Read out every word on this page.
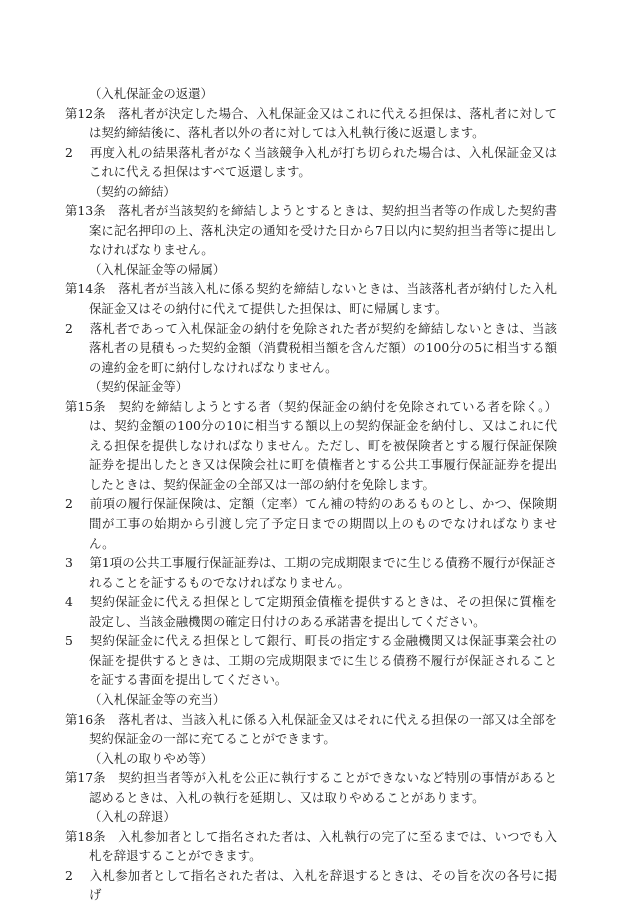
（入札保証金の返還）
第12条　落札者が決定した場合、入札保証金又はこれに代える担保は、落札者に対しては契約締結後に、落札者以外の者に対しては入札執行後に返還します。
2　再度入札の結果落札者がなく当該競争入札が打ち切られた場合は、入札保証金又はこれに代える担保はすべて返還します。
（契約の締結）
第13条　落札者が当該契約を締結しようとするときは、契約担当者等の作成した契約書案に記名押印の上、落札決定の通知を受けた日から7日以内に契約担当者等に提出しなければなりません。
（入札保証金等の帰属）
第14条　落札者が当該入札に係る契約を締結しないときは、当該落札者が納付した入札保証金又はその納付に代えて提供した担保は、町に帰属します。
2　落札者であって入札保証金の納付を免除された者が契約を締結しないときは、当該落札者の見積もった契約金額（消費税相当額を含んだ額）の100分の5に相当する額の違約金を町に納付しなければなりません。
（契約保証金等）
第15条　契約を締結しようとする者（契約保証金の納付を免除されている者を除く。）は、契約金額の100分の10に相当する額以上の契約保証金を納付し、又はこれに代える担保を提供しなければなりません。ただし、町を被保険者とする履行保証保険証券を提出したとき又は保険会社に町を債権者とする公共工事履行保証証券を提出したときは、契約保証金の全部又は一部の納付を免除します。
2　前項の履行保証保険は、定額（定率）てん補の特約のあるものとし、かつ、保険期間が工事の始期から引渡し完了予定日までの期間以上のものでなければなりません。
3　第1項の公共工事履行保証証券は、工期の完成期限までに生じる債務不履行が保証されることを証するものでなければなりません。
4　契約保証金に代える担保として定期預金債権を提供するときは、その担保に質権を設定し、当該金融機関の確定日付けのある承諾書を提出してください。
5　契約保証金に代える担保として銀行、町長の指定する金融機関又は保証事業会社の保証を提供するときは、工期の完成期限までに生じる債務不履行が保証されることを証する書面を提出してください。
（入札保証金等の充当）
第16条　落札者は、当該入札に係る入札保証金又はそれに代える担保の一部又は全部を契約保証金の一部に充てることができます。
（入札の取りやめ等）
第17条　契約担当者等が入札を公正に執行することができないなど特別の事情があると認めるときは、入札の執行を延期し、又は取りやめることがあります。
（入札の辞退）
第18条　入札参加者として指名された者は、入札執行の完了に至るまでは、いつでも入札を辞退することができます。
2　入札参加者として指名された者は、入札を辞退するときは、その旨を次の各号に掲げ
